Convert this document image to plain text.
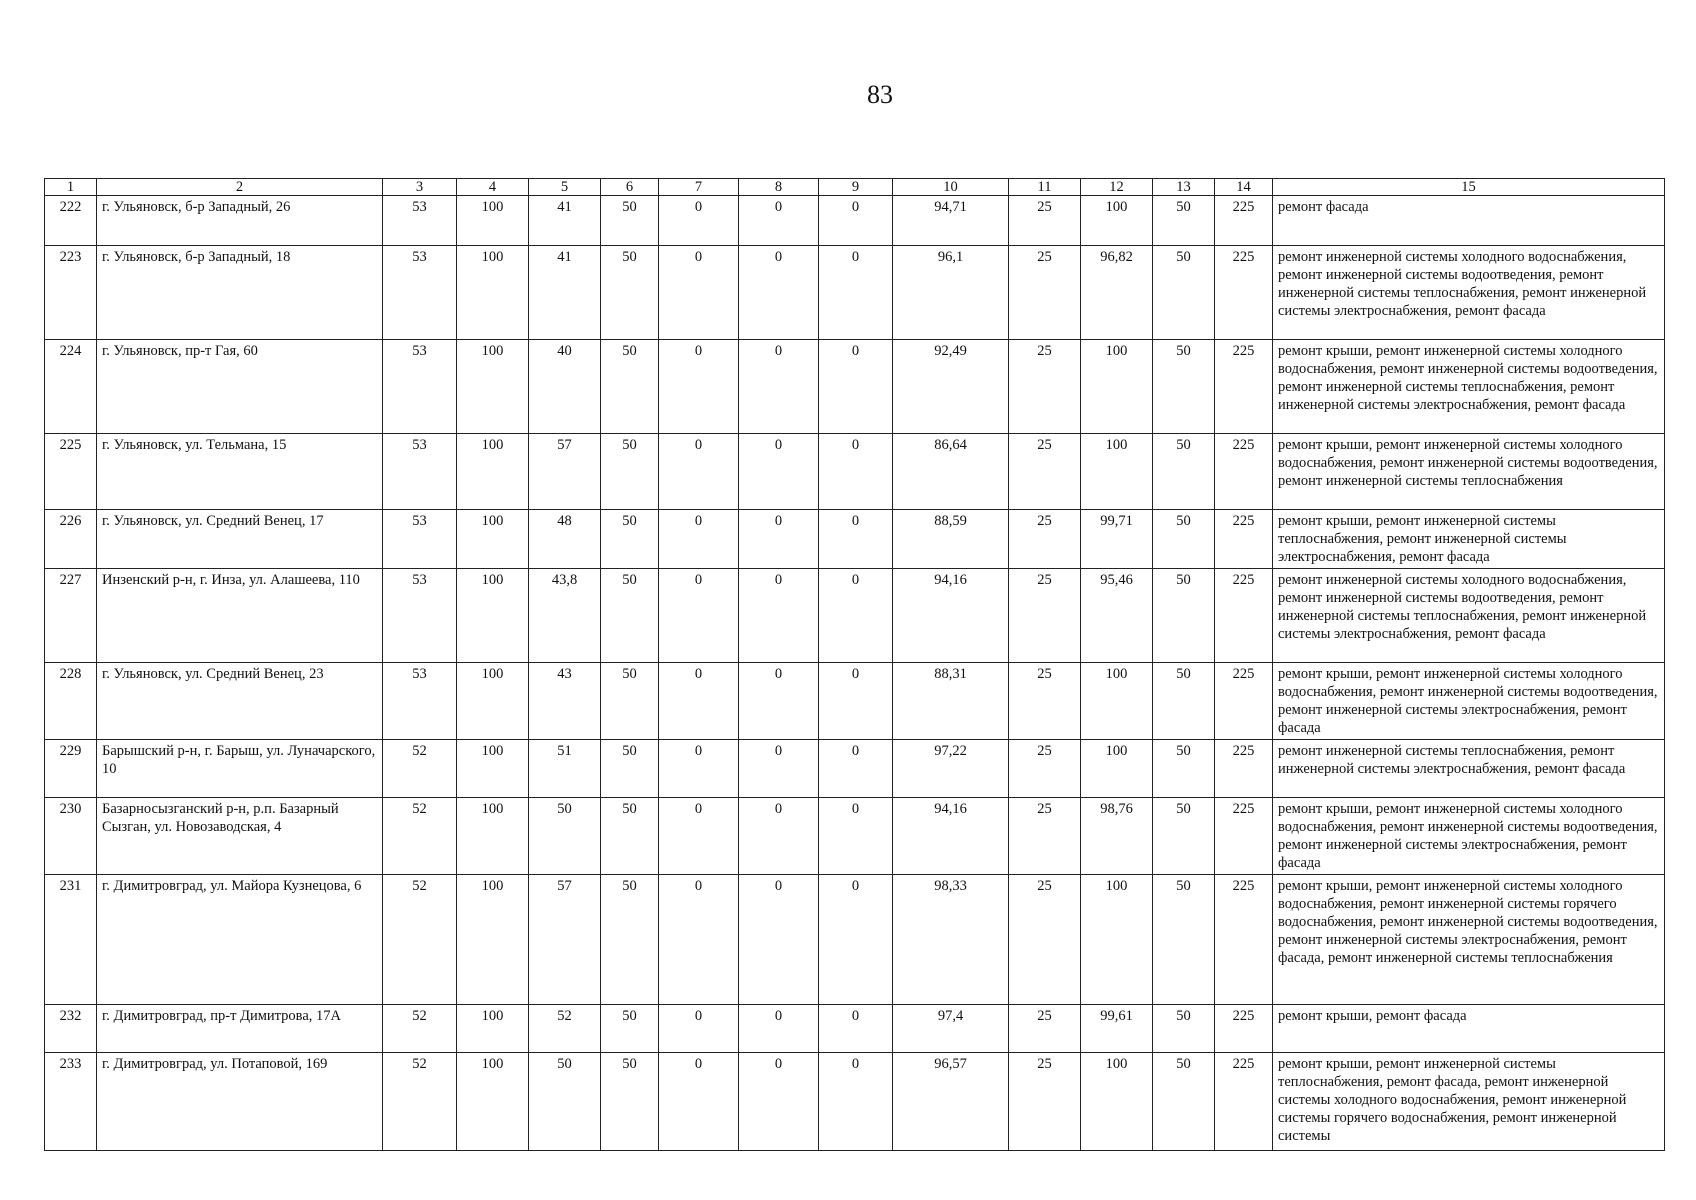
83
1	2	3	4	5	6	7	8	9	10	11	12	13	14	15
222	г. Ульяновск, б-р Западный, 26	53	100	41	50	0	0	0	94,71	25	100	50	225	ремонт фасада
223	г. Ульяновск, б-р Западный, 18	53	100	41	50	0	0	0	96,1	25	96,82	50	225	ремонт инженерной системы холодного водоснабжения, ремонт инженерной системы водоотведения, ремонт инженерной системы теплоснабжения, ремонт инженерной системы электроснабжения, ремонт фасада
224	г. Ульяновск, пр-т Гая, 60	53	100	40	50	0	0	0	92,49	25	100	50	225	ремонт крыши, ремонт инженерной системы холодного водоснабжения, ремонт инженерной системы водоотведения, ремонт инженерной системы теплоснабжения, ремонт инженерной системы электроснабжения, ремонт фасада
225	г. Ульяновск, ул. Тельмана, 15	53	100	57	50	0	0	0	86,64	25	100	50	225	ремонт крыши, ремонт инженерной системы холодного водоснабжения, ремонт инженерной системы водоотведения, ремонт инженерной системы теплоснабжения
226	г. Ульяновск, ул. Средний Венец, 17	53	100	48	50	0	0	0	88,59	25	99,71	50	225	ремонт крыши, ремонт инженерной системы теплоснабжения, ремонт инженерной системы электроснабжения, ремонт фасада
227	Инзенский р-н, г. Инза, ул. Алашеева, 110	53	100	43,8	50	0	0	0	94,16	25	95,46	50	225	ремонт инженерной системы холодного водоснабжения, ремонт инженерной системы водоотведения, ремонт инженерной системы теплоснабжения, ремонт инженерной системы электроснабжения, ремонт фасада
228	г. Ульяновск, ул. Средний Венец, 23	53	100	43	50	0	0	0	88,31	25	100	50	225	ремонт крыши, ремонт инженерной системы холодного водоснабжения, ремонт инженерной системы водоотведения, ремонт инженерной системы электроснабжения, ремонт фасада
229	Барышский р-н, г. Барыш, ул. Луначарского, 10	52	100	51	50	0	0	0	97,22	25	100	50	225	ремонт инженерной системы теплоснабжения, ремонт инженерной системы электроснабжения, ремонт фасада
230	Базарносызганский р-н, р.п. Базарный Сызган, ул. Новозаводская, 4	52	100	50	50	0	0	0	94,16	25	98,76	50	225	ремонт крыши, ремонт инженерной системы холодного водоснабжения, ремонт инженерной системы водоотведения, ремонт инженерной системы электроснабжения, ремонт фасада
231	г. Димитровград, ул. Майора Кузнецова, 6	52	100	57	50	0	0	0	98,33	25	100	50	225	ремонт крыши, ремонт инженерной системы холодного водоснабжения, ремонт инженерной системы горячего водоснабжения, ремонт инженерной системы водоотведения, ремонт инженерной системы электроснабжения, ремонт фасада, ремонт инженерной системы теплоснабжения
232	г. Димитровград, пр-т Димитрова, 17А	52	100	52	50	0	0	0	97,4	25	99,61	50	225	ремонт крыши, ремонт фасада
233	г. Димитровград, ул. Потаповой, 169	52	100	50	50	0	0	0	96,57	25	100	50	225	ремонт крыши, ремонт инженерной системы теплоснабжения, ремонт фасада, ремонт инженерной системы холодного водоснабжения, ремонт инженерной системы горячего водоснабжения, ремонт инженерной системы
